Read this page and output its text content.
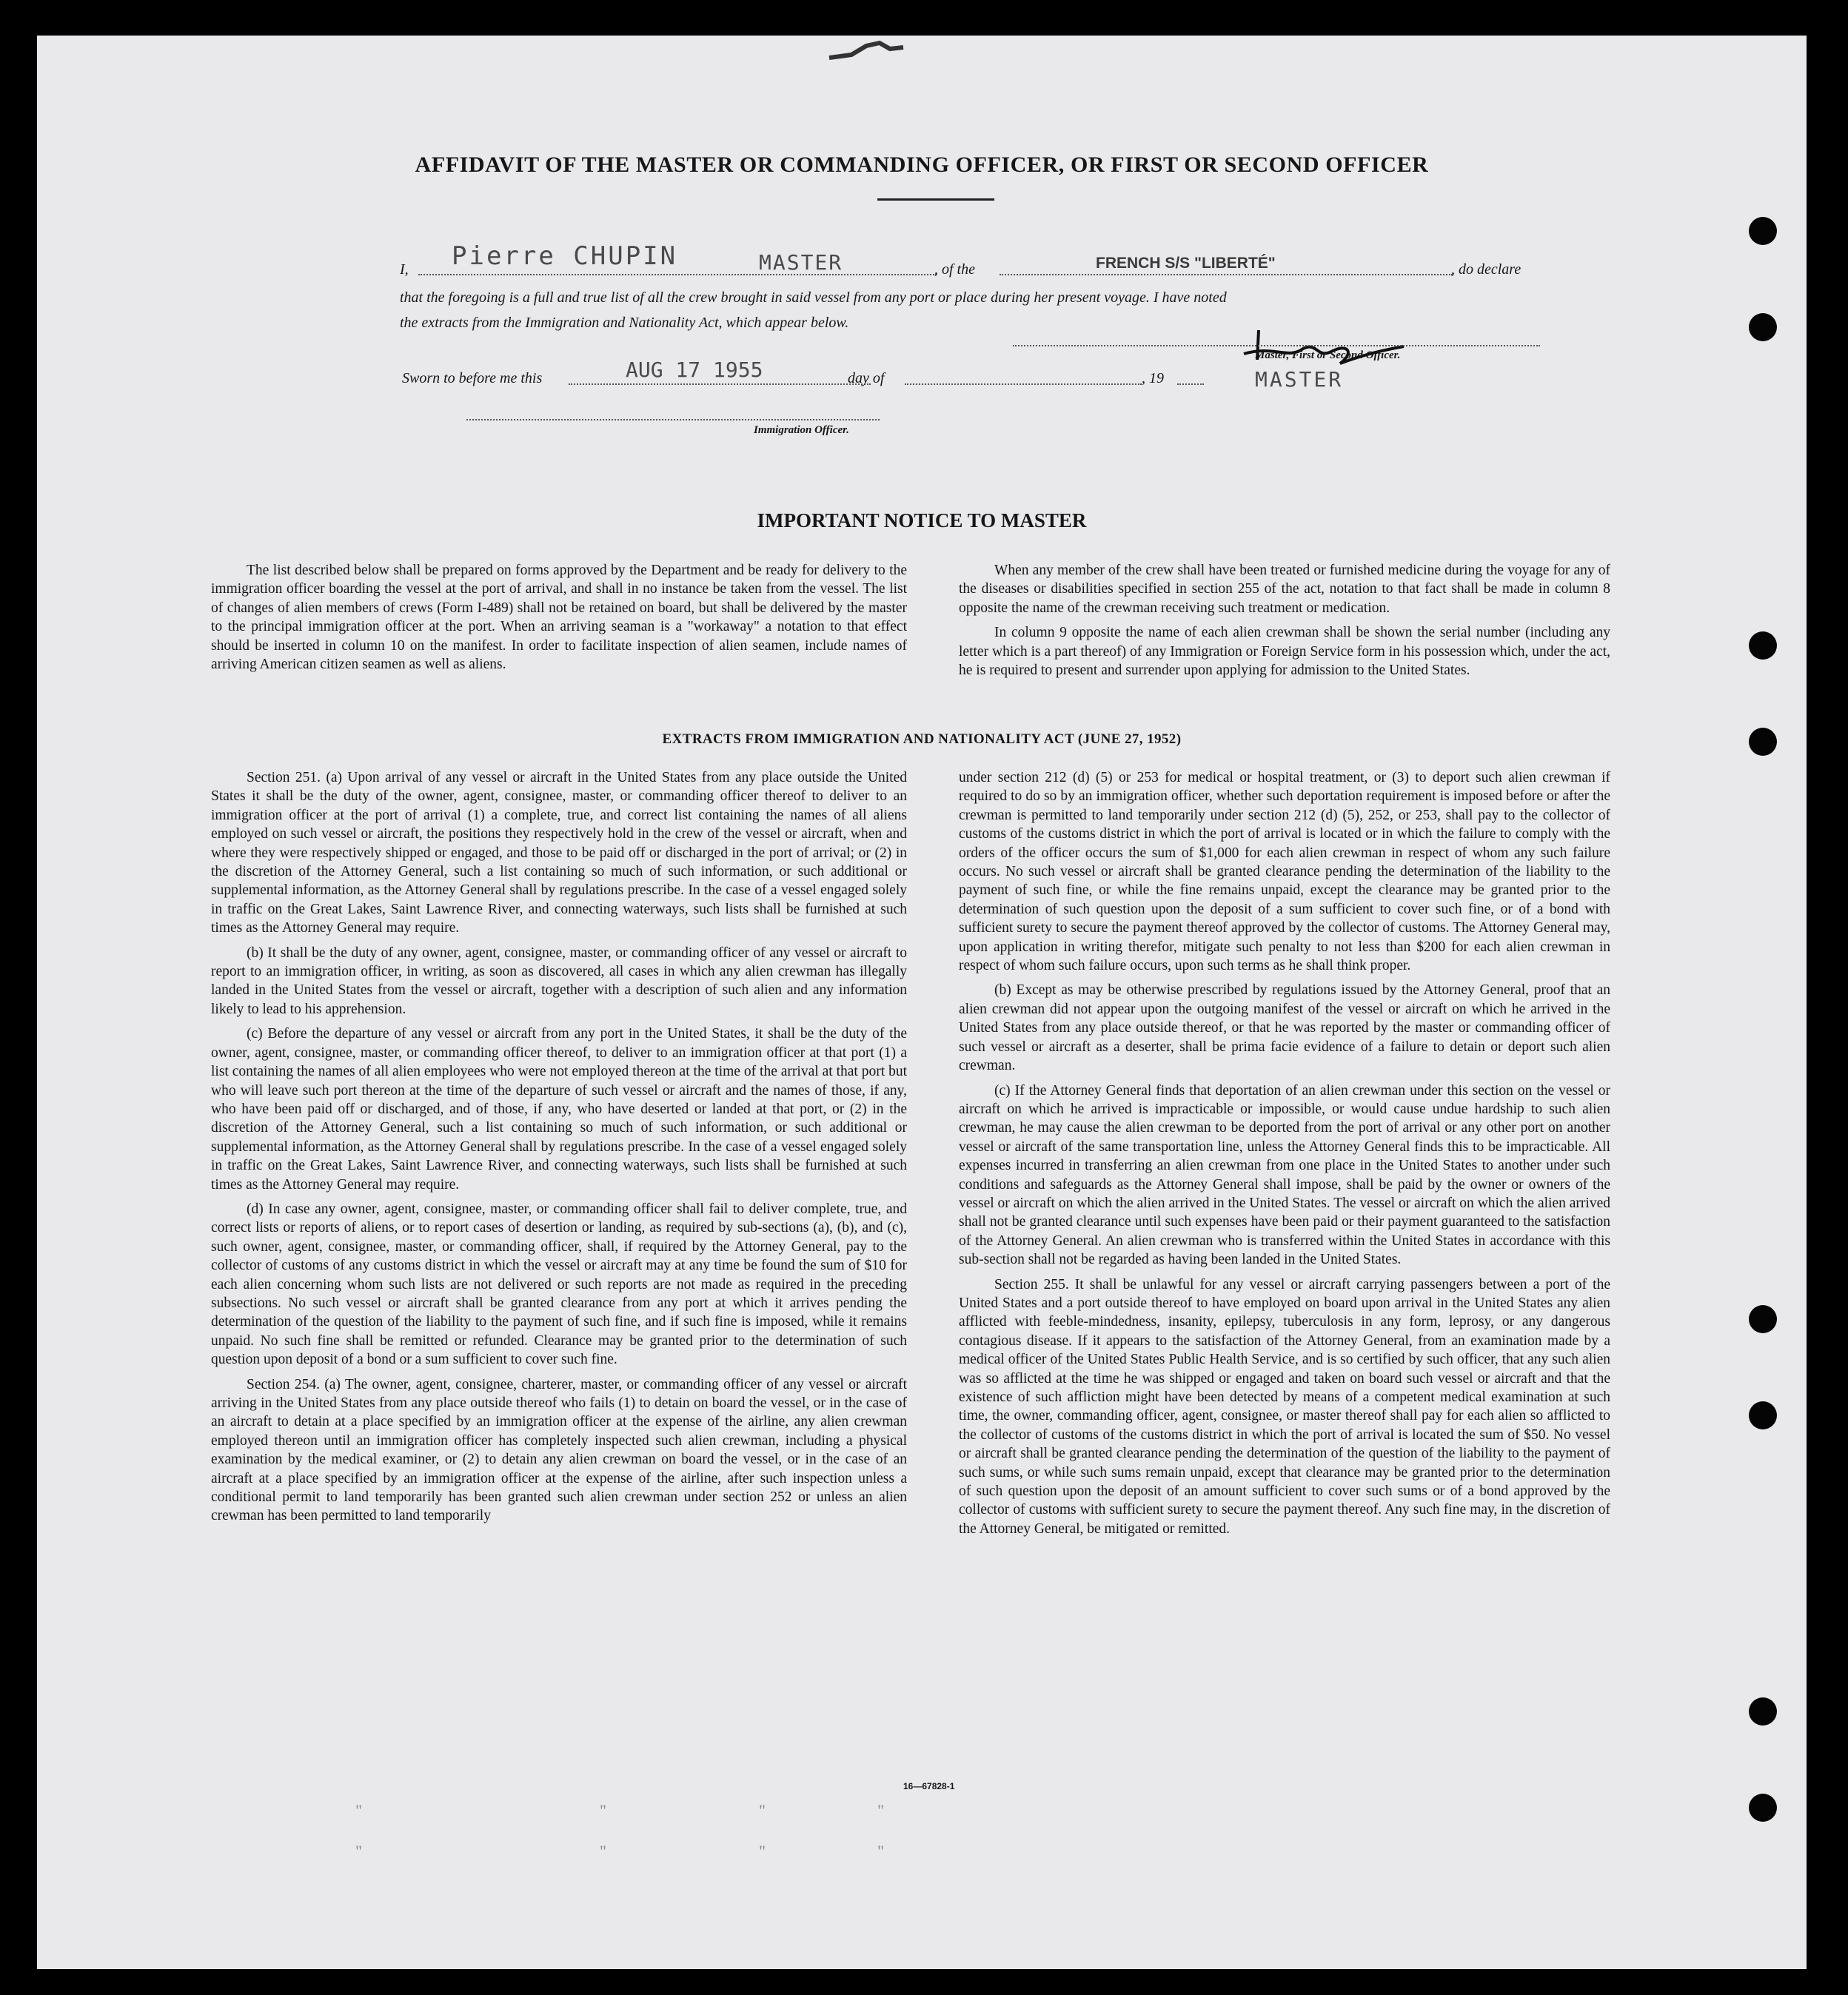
AFFIDAVIT OF THE MASTER OR COMMANDING OFFICER, OR FIRST OR SECOND OFFICER
I, Pierre CHUPIN	MASTER	, of the	FRENCH S/S "LIBERTÉ"	, do declare
that the foregoing is a full and true list of all the crew brought in said vessel from any port or place during her present voyage. I have noted
the extracts from the Immigration and Nationality Act, which appear below.
Master, First or Second Officer.
MASTER
Sworn to before me this	AUG 17 1955	day of	, 19
Immigration Officer.
IMPORTANT NOTICE TO MASTER

The list described below shall be prepared on forms approved by the Department and be ready for delivery to the immigration officer boarding the vessel at the port of arrival, and shall in no instance be taken from the vessel. The list of changes of alien members of crews (Form I-489) shall not be retained on board, but shall be delivered by the master to the principal immigration officer at the port. When an arriving seaman is a "workaway" a notation to that effect should be inserted in column 10 on the manifest. In order to facilitate inspection of alien seamen, include names of arriving American citizen seamen as well as aliens.

When any member of the crew shall have been treated or furnished medicine during the voyage for any of the diseases or disabilities specified in section 255 of the act, notation to that fact shall be made in column 8 opposite the name of the crewman receiving such treatment or medication.

In column 9 opposite the name of each alien crewman shall be shown the serial number (including any letter which is a part thereof) of any Immigration or Foreign Service form in his possession which, under the act, he is required to present and surrender upon applying for admission to the United States.

EXTRACTS FROM IMMIGRATION AND NATIONALITY ACT (JUNE 27, 1952)

Section 251. (a) Upon arrival of any vessel or aircraft in the United States from any place outside the United States it shall be the duty of the owner, agent, consignee, master, or commanding officer thereof to deliver to an immigration officer at the port of arrival (1) a complete, true, and correct list containing the names of all aliens employed on such vessel or aircraft, the positions they respectively hold in the crew of the vessel or aircraft, when and where they were respectively shipped or engaged, and those to be paid off or discharged in the port of arrival; or (2) in the discretion of the Attorney General, such a list containing so much of such information, or such additional or supplemental information, as the Attorney General shall by regulations prescribe. In the case of a vessel engaged solely in traffic on the Great Lakes, Saint Lawrence River, and connecting waterways, such lists shall be furnished at such times as the Attorney General may require.

(b) It shall be the duty of any owner, agent, consignee, master, or commanding officer of any vessel or aircraft to report to an immigration officer, in writing, as soon as discovered, all cases in which any alien crewman has illegally landed in the United States from the vessel or aircraft, together with a description of such alien and any information likely to lead to his apprehension.

(c) Before the departure of any vessel or aircraft from any port in the United States, it shall be the duty of the owner, agent, consignee, master, or commanding officer thereof, to deliver to an immigration officer at that port (1) a list containing the names of all alien employees who were not employed thereon at the time of the arrival at that port but who will leave such port thereon at the time of the departure of such vessel or aircraft and the names of those, if any, who have been paid off or discharged, and of those, if any, who have deserted or landed at that port, or (2) in the discretion of the Attorney General, such a list containing so much of such information, or such additional or supplemental information, as the Attorney General shall by regulations prescribe. In the case of a vessel engaged solely in traffic on the Great Lakes, Saint Lawrence River, and connecting waterways, such lists shall be furnished at such times as the Attorney General may require.

(d) In case any owner, agent, consignee, master, or commanding officer shall fail to deliver complete, true, and correct lists or reports of aliens, or to report cases of desertion or landing, as required by sub-sections (a), (b), and (c), such owner, agent, consignee, master, or commanding officer, shall, if required by the Attorney General, pay to the collector of customs of any customs district in which the vessel or aircraft may at any time be found the sum of $10 for each alien concerning whom such lists are not delivered or such reports are not made as required in the preceding subsections. No such vessel or aircraft shall be granted clearance from any port at which it arrives pending the determination of the question of the liability to the payment of such fine, and if such fine is imposed, while it remains unpaid. No such fine shall be remitted or refunded. Clearance may be granted prior to the determination of such question upon deposit of a bond or a sum sufficient to cover such fine.

Section 254. (a) The owner, agent, consignee, charterer, master, or commanding officer of any vessel or aircraft arriving in the United States from any place outside thereof who fails (1) to detain on board the vessel, or in the case of an aircraft to detain at a place specified by an immigration officer at the expense of the airline, any alien crewman employed thereon until an immigration officer has completely inspected such alien crewman, including a physical examination by the medical examiner, or (2) to detain any alien crewman on board the vessel, or in the case of an aircraft at a place specified by an immigration officer at the expense of the airline, after such inspection unless a conditional permit to land temporarily has been granted such alien crewman under section 252 or unless an alien crewman has been permitted to land temporarily

under section 212 (d) (5) or 253 for medical or hospital treatment, or (3) to deport such alien crewman if required to do so by an immigration officer, whether such deportation requirement is imposed before or after the crewman is permitted to land temporarily under section 212 (d) (5), 252, or 253, shall pay to the collector of customs of the customs district in which the port of arrival is located or in which the failure to comply with the orders of the officer occurs the sum of $1,000 for each alien crewman in respect of whom any such failure occurs. No such vessel or aircraft shall be granted clearance pending the determination of the liability to the payment of such fine, or while the fine remains unpaid, except the clearance may be granted prior to the determination of such question upon the deposit of a sum sufficient to cover such fine, or of a bond with sufficient surety to secure the payment thereof approved by the collector of customs. The Attorney General may, upon application in writing therefor, mitigate such penalty to not less than $200 for each alien crewman in respect of whom such failure occurs, upon such terms as he shall think proper.

(b) Except as may be otherwise prescribed by regulations issued by the Attorney General, proof that an alien crewman did not appear upon the outgoing manifest of the vessel or aircraft on which he arrived in the United States from any place outside thereof, or that he was reported by the master or commanding officer of such vessel or aircraft as a deserter, shall be prima facie evidence of a failure to detain or deport such alien crewman.

(c) If the Attorney General finds that deportation of an alien crewman under this section on the vessel or aircraft on which he arrived is impracticable or impossible, or would cause undue hardship to such alien crewman, he may cause the alien crewman to be deported from the port of arrival or any other port on another vessel or aircraft of the same transportation line, unless the Attorney General finds this to be impracticable. All expenses incurred in transferring an alien crewman from one place in the United States to another under such conditions and safeguards as the Attorney General shall impose, shall be paid by the owner or owners of the vessel or aircraft on which the alien arrived in the United States. The vessel or aircraft on which the alien arrived shall not be granted clearance until such expenses have been paid or their payment guaranteed to the satisfaction of the Attorney General. An alien crewman who is transferred within the United States in accordance with this sub-section shall not be regarded as having been landed in the United States.

Section 255. It shall be unlawful for any vessel or aircraft carrying passengers between a port of the United States and a port outside thereof to have employed on board upon arrival in the United States any alien afflicted with feeble-mindedness, insanity, epilepsy, tuberculosis in any form, leprosy, or any dangerous contagious disease. If it appears to the satisfaction of the Attorney General, from an examination made by a medical officer of the United States Public Health Service, and is so certified by such officer, that any such alien was so afflicted at the time he was shipped or engaged and taken on board such vessel or aircraft and that the existence of such affliction might have been detected by means of a competent medical examination at such time, the owner, commanding officer, agent, consignee, or master thereof shall pay for each alien so afflicted to the collector of customs of the customs district in which the port of arrival is located the sum of $50. No vessel or aircraft shall be granted clearance pending the determination of the question of the liability to the payment of such sums, or while such sums remain unpaid, except that clearance may be granted prior to the determination of such question upon the deposit of an amount sufficient to cover such sums or of a bond approved by the collector of customs with sufficient surety to secure the payment thereof. Any such fine may, in the discretion of the Attorney General, be mitigated or remitted.

16—67828-1
"	"	"	"
"	"	"	"
